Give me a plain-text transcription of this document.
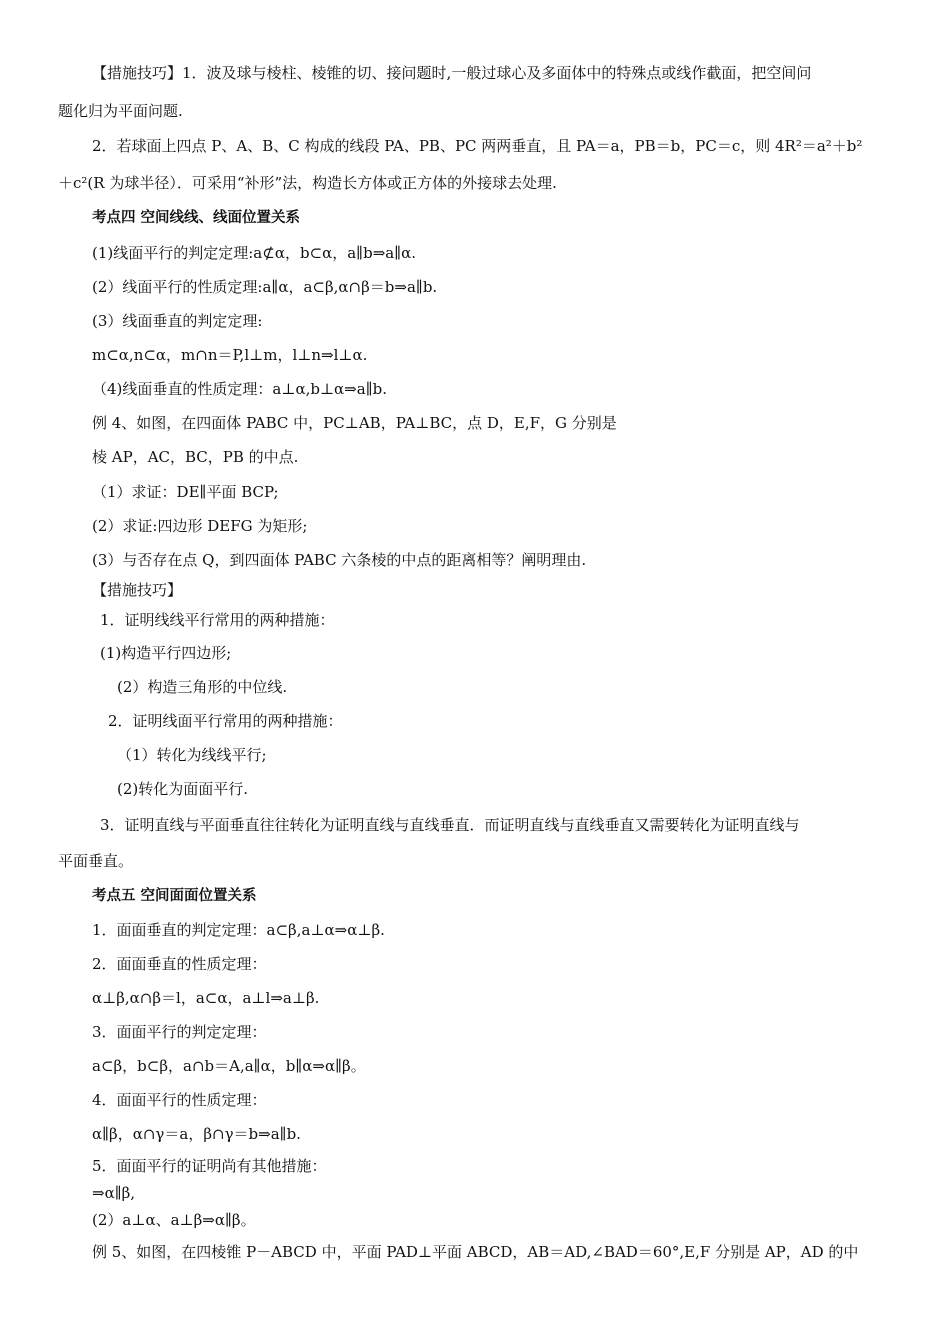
【措施技巧】1．波及球与棱柱、棱锥的切、接问题时,一般过球心及多面体中的特殊点或线作截面，把空间问
题化归为平面问题.
2．若球面上四点 P、A、B、C 构成的线段 PA、PB、PC 两两垂直，且 PA＝a，PB＝b，PC＝c，则 4R²＝a²＋b²
＋c²(R 为球半径）．可采用“补形”法，构造长方体或正方体的外接球去处理.
考点四 空间线线、线面位置关系
(1)线面平行的判定定理:a⊄α，b⊂α，a∥b⇒a∥α.
(2）线面平行的性质定理:a∥α，a⊂β,α∩β＝b⇒a∥b.
(3）线面垂直的判定定理:
m⊂α,n⊂α，m∩n＝P,l⊥m，l⊥n⇒l⊥α.
（4)线面垂直的性质定理：a⊥α,b⊥α⇒a∥b.
例 4、如图，在四面体 PABC 中，PC⊥AB，PA⊥BC，点 D，E,F，G 分别是
棱 AP，AC，BC，PB 的中点.
（1）求证：DE∥平面 BCP;
(2）求证:四边形 DEFG 为矩形;
(3）与否存在点 Q，到四面体 PABC 六条棱的中点的距离相等？阐明理由.
【措施技巧】
1．证明线线平行常用的两种措施：
(1)构造平行四边形;
(2）构造三角形的中位线.
2．证明线面平行常用的两种措施：
（1）转化为线线平行;
(2)转化为面面平行.
3．证明直线与平面垂直往往转化为证明直线与直线垂直．而证明直线与直线垂直又需要转化为证明直线与
平面垂直。
考点五 空间面面位置关系
1．面面垂直的判定定理：a⊂β,a⊥α⇒α⊥β.
2．面面垂直的性质定理：
α⊥β,α∩β＝l，a⊂α，a⊥l⇒a⊥β.
3．面面平行的判定定理：
a⊂β，b⊂β，a∩b＝A,a∥α，b∥α⇒α∥β。
4．面面平行的性质定理：
α∥β，α∩γ＝a，β∩γ＝b⇒a∥b.
5．面面平行的证明尚有其他措施：
⇒α∥β,
(2）a⊥α、a⊥β⇒α∥β。
例 5、如图，在四棱锥 P－ABCD 中，平面 PAD⊥平面 ABCD，AB＝AD,∠BAD＝60°,E,F 分别是 AP，AD 的中
